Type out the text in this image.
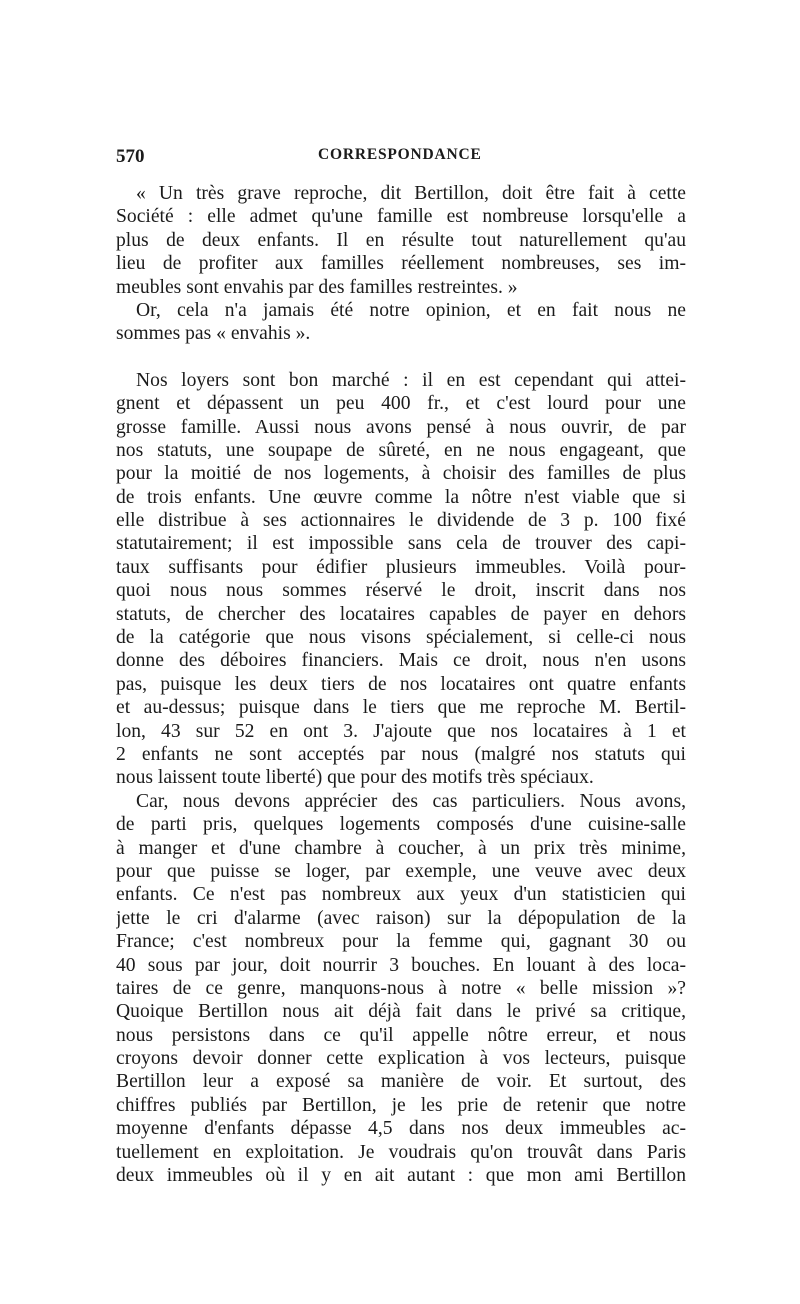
570	CORRESPONDANCE
« Un très grave reproche, dit Bertillon, doit être fait à cette
Société : elle admet qu'une famille est nombreuse lorsqu'elle a
plus de deux enfants. Il en résulte tout naturellement qu'au
lieu de profiter aux familles réellement nombreuses, ses im-
meubles sont envahis par des familles restreintes. »
Or, cela n'a jamais été notre opinion, et en fait nous ne
sommes pas « envahis ».
Nos loyers sont bon marché : il en est cependant qui attei-
gnent et dépassent un peu 400 fr., et c'est lourd pour une
grosse famille. Aussi nous avons pensé à nous ouvrir, de par
nos statuts, une soupape de sûreté, en ne nous engageant, que
pour la moitié de nos logements, à choisir des familles de plus
de trois enfants. Une œuvre comme la nôtre n'est viable que si
elle distribue à ses actionnaires le dividende de 3 p. 100 fixé
statutairement; il est impossible sans cela de trouver des capi-
taux suffisants pour édifier plusieurs immeubles. Voilà pour-
quoi nous nous sommes réservé le droit, inscrit dans nos
statuts, de chercher des locataires capables de payer en dehors
de la catégorie que nous visons spécialement, si celle-ci nous
donne des déboires financiers. Mais ce droit, nous n'en usons
pas, puisque les deux tiers de nos locataires ont quatre enfants
et au-dessus; puisque dans le tiers que me reproche M. Bertil-
lon, 43 sur 52 en ont 3. J'ajoute que nos locataires à 1 et
2 enfants ne sont acceptés par nous (malgré nos statuts qui
nous laissent toute liberté) que pour des motifs très spéciaux.
Car, nous devons apprécier des cas particuliers. Nous avons,
de parti pris, quelques logements composés d'une cuisine-salle
à manger et d'une chambre à coucher, à un prix très minime,
pour que puisse se loger, par exemple, une veuve avec deux
enfants. Ce n'est pas nombreux aux yeux d'un statisticien qui
jette le cri d'alarme (avec raison) sur la dépopulation de la
France; c'est nombreux pour la femme qui, gagnant 30 ou
40 sous par jour, doit nourrir 3 bouches. En louant à des loca-
taires de ce genre, manquons-nous à notre « belle mission »?
Quoique Bertillon nous ait déjà fait dans le privé sa critique,
nous persistons dans ce qu'il appelle nôtre erreur, et nous
croyons devoir donner cette explication à vos lecteurs, puisque
Bertillon leur a exposé sa manière de voir. Et surtout, des
chiffres publiés par Bertillon, je les prie de retenir que notre
moyenne d'enfants dépasse 4,5 dans nos deux immeubles ac-
tuellement en exploitation. Je voudrais qu'on trouvât dans Paris
deux immeubles où il y en ait autant : que mon ami Bertillon
